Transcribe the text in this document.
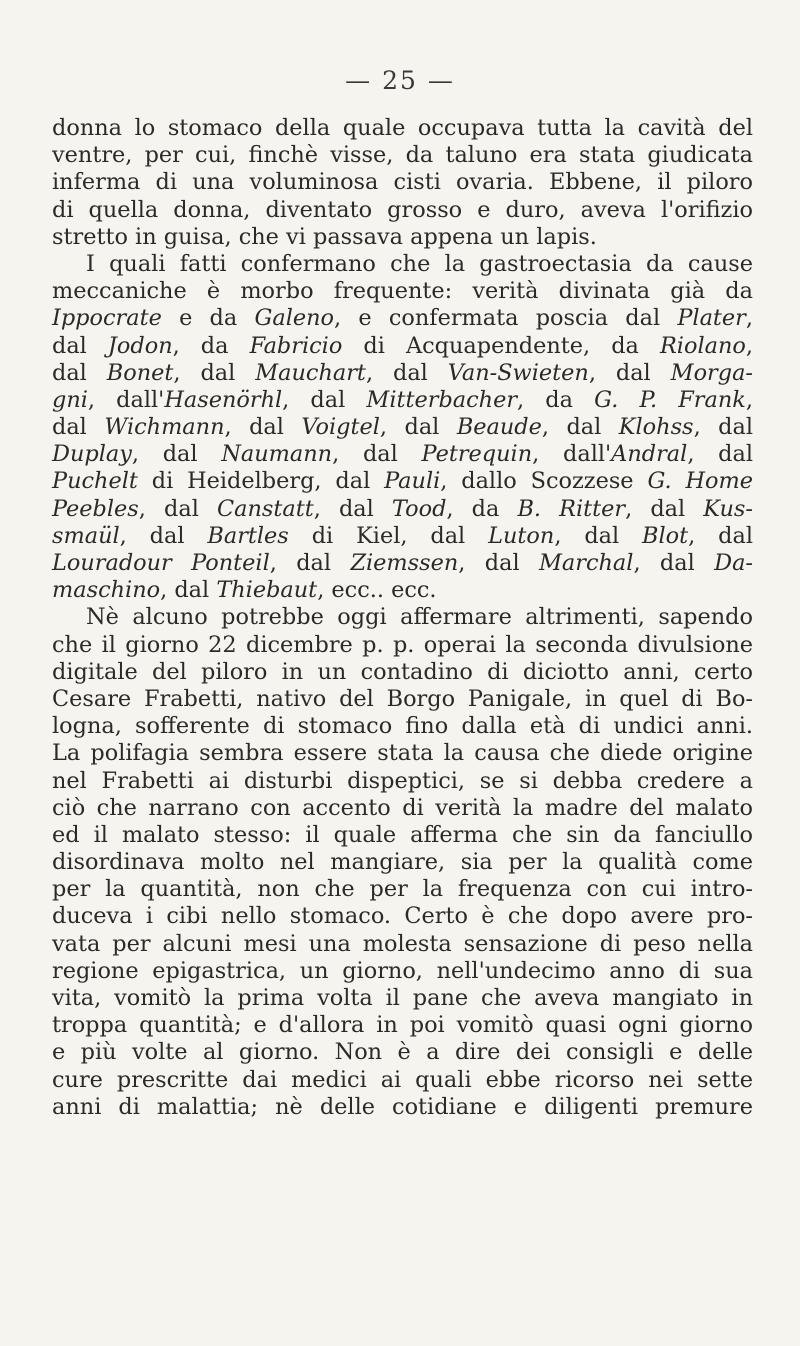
— 25 —
donna lo stomaco della quale occupava tutta la cavità del
ventre, per cui, finchè visse, da taluno era stata giudicata
inferma di una voluminosa cisti ovaria. Ebbene, il piloro
di quella donna, diventato grosso e duro, aveva l'orifizio
stretto in guisa, che vi passava appena un lapis.
I quali fatti confermano che la gastroectasia da cause
meccaniche è morbo frequente: verità divinata già da
Ippocrate e da Galeno, e confermata poscia dal Plater,
dal Jodon, da Fabricio di Acquapendente, da Riolano,
dal Bonet, dal Mauchart, dal Van-Swieten, dal Morga-
gni, dall'Hasenörhl, dal Mitterbacher, da G. P. Frank,
dal Wichmann, dal Voigtel, dal Beaude, dal Klohss, dal
Duplay, dal Naumann, dal Petrequin, dall'Andral, dal
Puchelt di Heidelberg, dal Pauli, dallo Scozzese G. Home
Peebles, dal Canstatt, dal Tood, da B. Ritter, dal Kus-
smaül, dal Bartles di Kiel, dal Luton, dal Blot, dal
Louradour Ponteil, dal Ziemssen, dal Marchal, dal Da-
maschino, dal Thiebaut, ecc.. ecc.
Nè alcuno potrebbe oggi affermare altrimenti, sapendo
che il giorno 22 dicembre p. p. operai la seconda divulsione
digitale del piloro in un contadino di diciotto anni, certo
Cesare Frabetti, nativo del Borgo Panigale, in quel di Bo-
logna, sofferente di stomaco fino dalla età di undici anni.
La polifagia sembra essere stata la causa che diede origine
nel Frabetti ai disturbi dispeptici, se si debba credere a
ciò che narrano con accento di verità la madre del malato
ed il malato stesso: il quale afferma che sin da fanciullo
disordinava molto nel mangiare, sia per la qualità come
per la quantità, non che per la frequenza con cui intro-
duceva i cibi nello stomaco. Certo è che dopo avere pro-
vata per alcuni mesi una molesta sensazione di peso nella
regione epigastrica, un giorno, nell'undecimo anno di sua
vita, vomitò la prima volta il pane che aveva mangiato in
troppa quantità; e d'allora in poi vomitò quasi ogni giorno
e più volte al giorno. Non è a dire dei consigli e delle
cure prescritte dai medici ai quali ebbe ricorso nei sette
anni di malattia; nè delle cotidiane e diligenti premure
